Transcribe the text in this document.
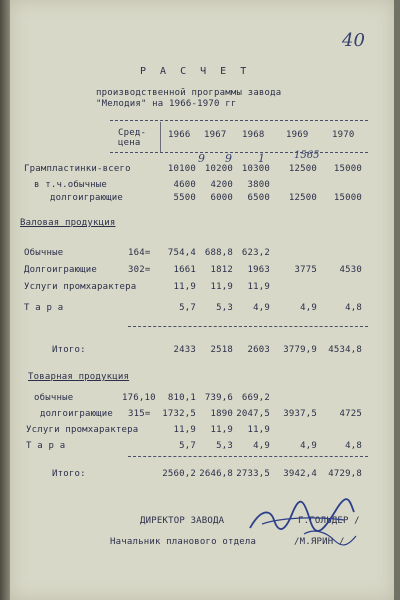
40
Р А С Ч Е Т
производственной программы завода
"Мелодия" на 1966-1970 гг
Сред-
цена
1966 1967 1968 1969	1970
9 9 1	1565
Грампластинки-всего	10100 10200 10300	12500	15000
в т.ч.обычные	4600	4200	3800
долгоиграющие	5500	6000	6500	12500	15000
Валовая продукция
Обычные	164=	754,4 688,8 623,2
Долгоиграющие	302=	1661	1812	1963	3775	4530
Услуги промхарактера	11,9	11,9	11,9
Т а р а	5,7	5,3	4,9	4,9	4,8
Итого:	2433	2518	2603	3779,9	4534,8
Товарная продукция
обычные	176,10	810,1 739,6 669,2
долгоиграющие 315= 1732,5	1890 2047,5	3937,5	4725
Услуги промхарактера	11,9	11,9	11,9
Т а р а	5,7	5,3	4,9	4,9	4,8
Итого:	2560,2 2646,8 2733,5	3942,4	4729,8
ДИРЕКТОР ЗАВОДА	Г.ГОЛЬДЕР /
Начальник планового отдела	/М.ЯРИН /
